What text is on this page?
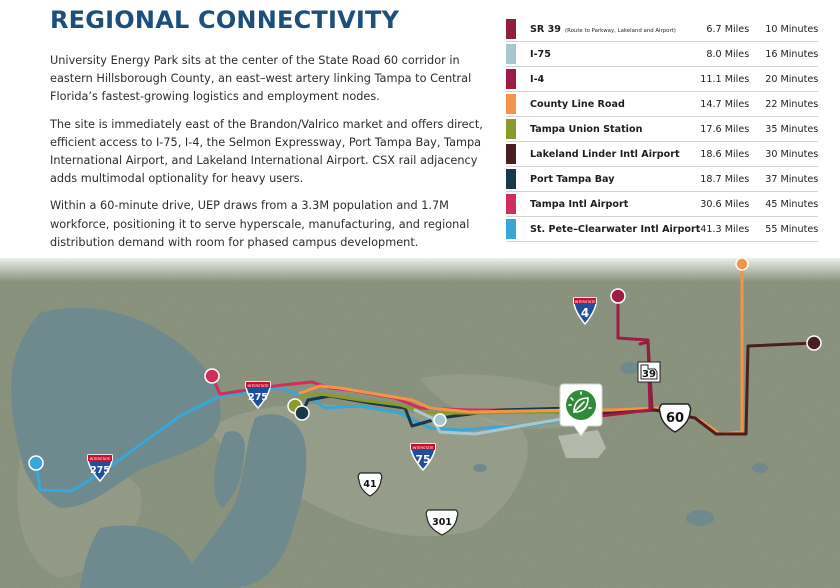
REGIONAL CONNECTIVITY

University Energy Park sits at the center of the State Road 60 corridor in eastern Hillsborough County, an east–west artery linking Tampa to Central Florida’s fastest-growing logistics and employment nodes.

The site is immediately east of the Brandon/Valrico market and offers direct, efficient access to I-75, I-4, the Selmon Expressway, Port Tampa Bay, Tampa International Airport, and Lakeland International Airport. CSX rail adjacency adds multimodal optionality for heavy users.

Within a 60-minute drive, UEP draws from a 3.3M population and 1.7M workforce, positioning it to serve hyperscale, manufacturing, and regional distribution demand with room for phased campus development.

	SR 39 (Route to Parkway, Lakeland and Airport)	6.7 Miles	10 Minutes

	I-75	8.0 Miles	16 Minutes

	I-4	11.1 Miles	20 Minutes

	County Line Road	14.7 Miles	22 Minutes

	Tampa Union Station	17.6 Miles	35 Minutes

	Lakeland Linder Intl Airport	18.6 Miles	30 Minutes

	Port Tampa Bay	18.7 Miles	37 Minutes

	Tampa Intl Airport	30.6 Miles	45 Minutes

	St. Pete–Clearwater Intl Airport	41.3 Miles	55 Minutes
INTERSTATE
4
INTERSTATE
275
INTERSTATE
275
INTERSTATE
75
39
60
41
301
